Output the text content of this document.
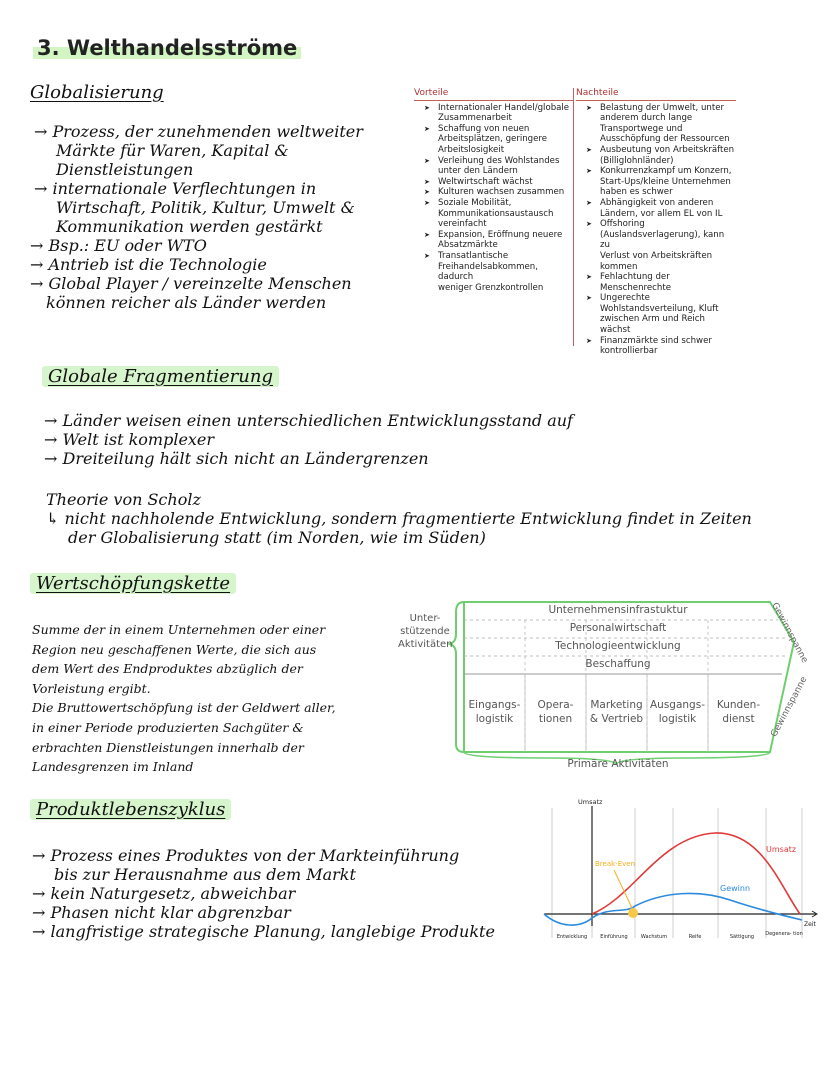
3. Welthandelsströme
Globalisierung
→ Prozess, der zunehmenden weltweiter
Märkte für Waren, Kapital &
Dienstleistungen
→ internationale Verflechtungen in
Wirtschaft, Politik, Kultur, Umwelt &
Kommunikation werden gestärkt
→ Bsp.: EU oder WTO
→ Antrieb ist die Technologie
→ Global Player / vereinzelte Menschen
können reicher als Länder werden
Vorteile
➤ Internationaler Handel/globale
Zusammenarbeit
➤ Schaffung von neuen
Arbeitsplätzen, geringere
Arbeitslosigkeit
➤ Verleihung des Wohlstandes
unter den Ländern
➤ Weltwirtschaft wächst
➤ Kulturen wachsen zusammen
➤ Soziale Mobilität,
Kommunikationsaustausch
vereinfacht
➤ Expansion, Eröffnung neuere
Absatzmärkte
➤ Transatlantische
Freihandelsabkommen, dadurch
weniger Grenzkontrollen
Nachteile
➤ Belastung der Umwelt, unter
anderem durch lange
Transportwege und
Ausschöpfung der Ressourcen
➤ Ausbeutung von Arbeitskräften
(Billiglohnländer)
➤ Konkurrenzkampf um Konzern,
Start-Ups/kleine Unternehmen
haben es schwer
➤ Abhängigkeit von anderen
Ländern, vor allem EL von IL
➤ Offshoring
(Auslandsverlagerung), kann zu
Verlust von Arbeitskräften
kommen
➤ Fehlachtung der Menschenrechte
➤ Ungerechte
Wohlstandsverteilung, Kluft
zwischen Arm und Reich wächst
➤ Finanzmärkte sind schwer
kontrollierbar
Globale Fragmentierung
→ Länder weisen einen unterschiedlichen Entwicklungsstand auf
→ Welt ist komplexer
→ Dreiteilung hält sich nicht an Ländergrenzen
Theorie von Scholz
↳ nicht nachholende Entwicklung, sondern fragmentierte Entwicklung findet in Zeiten
der Globalisierung statt (im Norden, wie im Süden)
Wertschöpfungskette
Summe der in einem Unternehmen oder einer
Region neu geschaffenen Werte, die sich aus
dem Wert des Endproduktes abzüglich der
Vorleistung ergibt.
Die Bruttowertschöpfung ist der Geldwert aller,
in einer Periode produzierten Sachgüter &
erbrachten Dienstleistungen innerhalb der
Landesgrenzen im Inland
Unter-
stützende
Aktivitäten
Unternehmensinfrastuktur
Personalwirtschaft
Technologieentwicklung
Beschaffung
Eingangs-
logistik
Opera-
tionen
Marketing
& Vertrieb
Ausgangs-
logistik
Kunden-
dienst
Primäre Aktivitäten
Gewinnspanne
Gewinnspanne
Produktlebenszyklus
→ Prozess eines Produktes von der Markteinführung
bis zur Herausnahme aus dem Markt
→ kein Naturgesetz, abweichbar
→ Phasen nicht klar abgrenzbar
→ langfristige strategische Planung, langlebige Produkte
Umsatz
Zeit
Umsatz
Gewinn
Break-Even
Entwicklung	Einführung	Wachstum	Reife	Sättigung Degenera- tion
